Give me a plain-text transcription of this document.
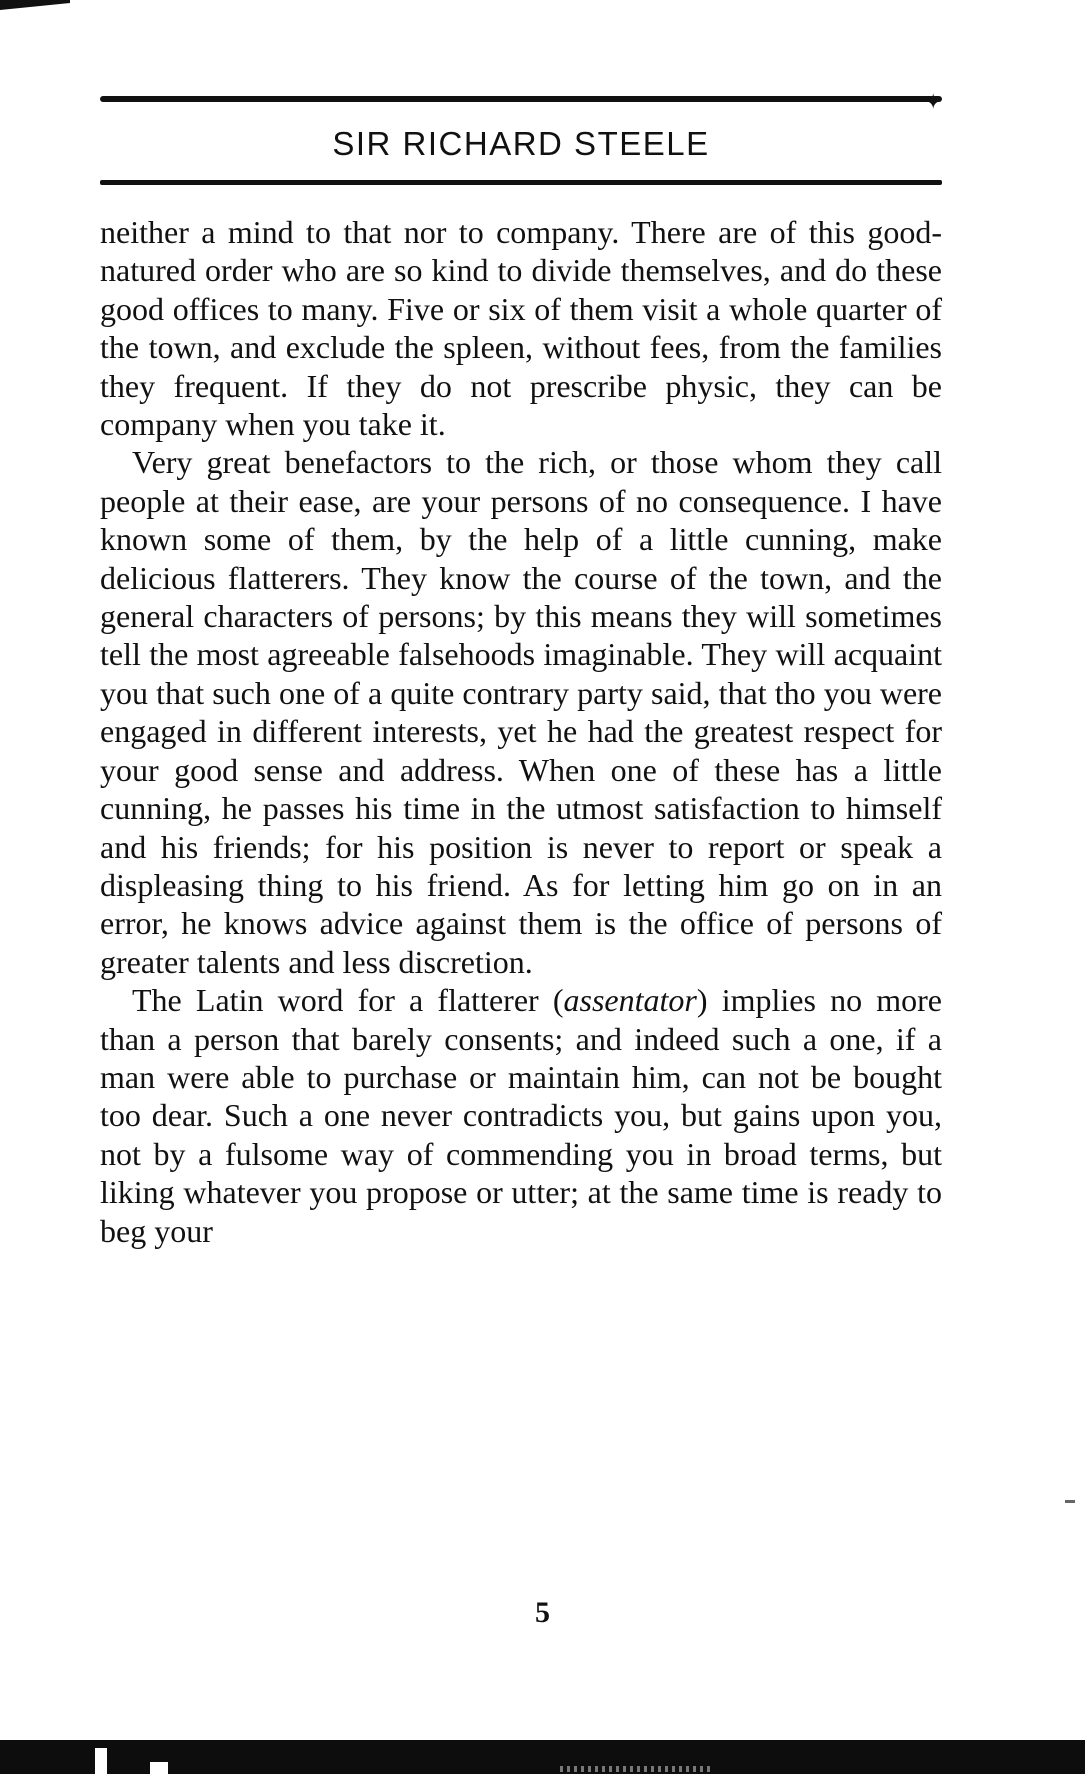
✦
SIR RICHARD STEELE

neither a mind to that nor to company. There are of this good-natured order who are so kind to divide themselves, and do these good offices to many. Five or six of them visit a whole quarter of the town, and exclude the spleen, without fees, from the families they frequent. If they do not prescribe physic, they can be company when you take it.

Very great benefactors to the rich, or those whom they call people at their ease, are your persons of no consequence. I have known some of them, by the help of a little cunning, make delicious flatterers. They know the course of the town, and the general characters of persons; by this means they will sometimes tell the most agreeable falsehoods imaginable. They will acquaint you that such one of a quite contrary party said, that tho you were engaged in different interests, yet he had the greatest respect for your good sense and address. When one of these has a little cunning, he passes his time in the utmost satisfaction to himself and his friends; for his position is never to report or speak a displeasing thing to his friend. As for letting him go on in an error, he knows advice against them is the office of persons of greater talents and less discretion.

The Latin word for a flatterer (assentator) implies no more than a person that barely consents; and indeed such a one, if a man were able to purchase or maintain him, can not be bought too dear. Such a one never contradicts you, but gains upon you, not by a fulsome way of commending you in broad terms, but liking whatever you propose or utter; at the same time is ready to beg your

5
